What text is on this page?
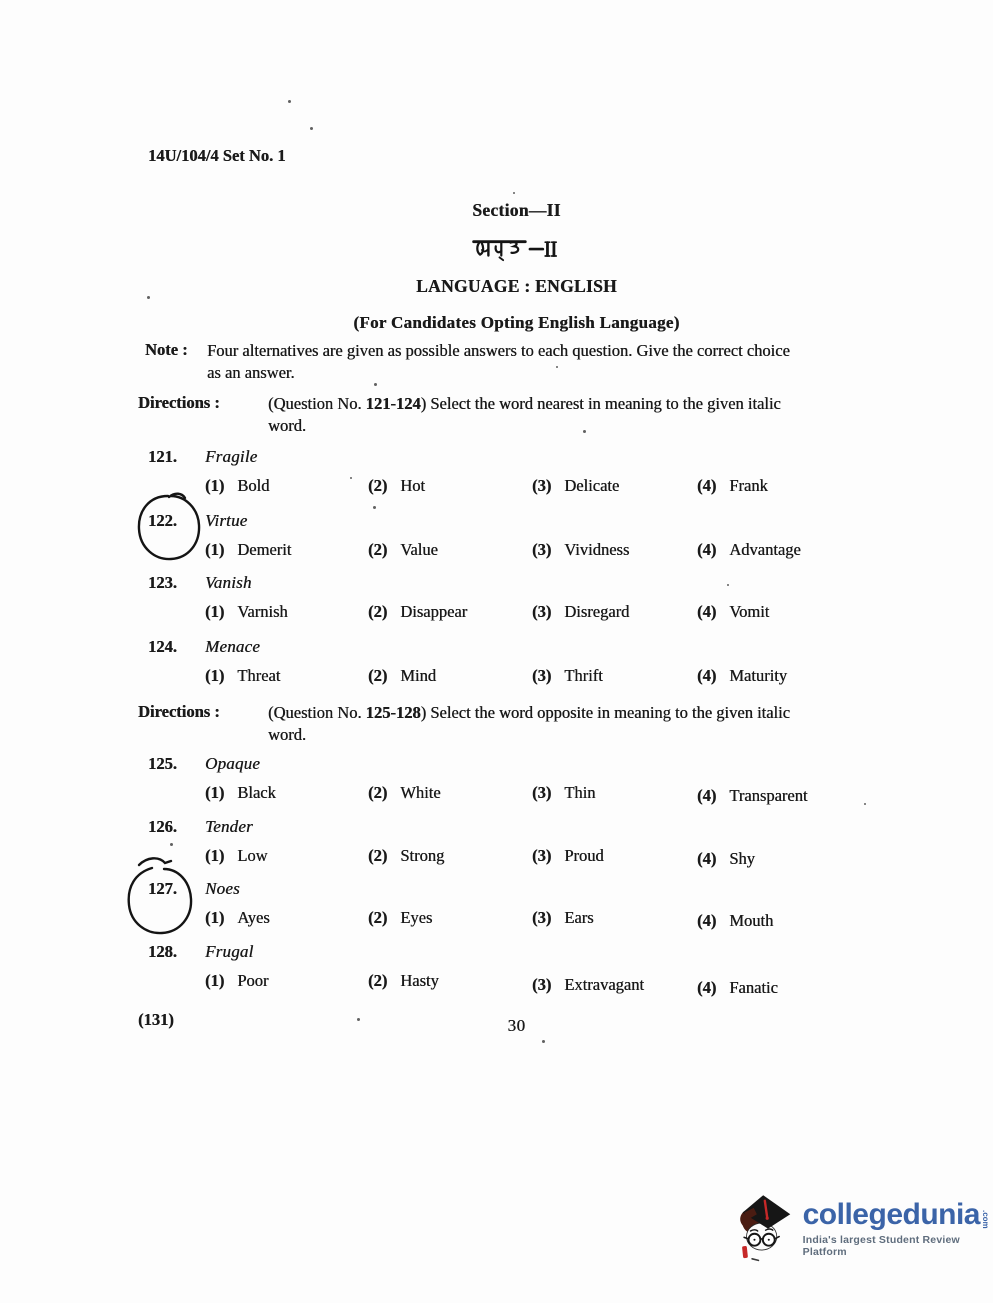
14U/104/4 Set No. 1
Section—II
LANGUAGE : ENGLISH
(For Candidates Opting English Language)
Note : Four alternatives are given as possible answers to each question. Give the correct choice
as an answer.
Directions :	(Question No. 121-124) Select the word nearest in meaning to the given italic
word.
121. Fragile
(1) Bold	(2) Hot	(3) Delicate	(4) Frank
122. Virtue
(1) Demerit	(2) Value	(3) Vividness	(4) Advantage
123. Vanish
(1) Varnish	(2) Disappear	(3) Disregard	(4) Vomit
124. Menace
(1) Threat	(2) Mind	(3) Thrift	(4) Maturity
Directions :	(Question No. 125-128) Select the word opposite in meaning to the given italic
word.
125. Opaque
(1) Black	(2) White	(3) Thin	(4) Transparent
126. Tender
(1) Low	(2) Strong	(3) Proud	(4) Shy
127. Noes
(1) Ayes	(2) Eyes	(3) Ears	(4) Mouth
128. Frugal
(1) Poor	(2) Hasty	(3) Extravagant	(4) Fanatic
(131)	30
collegedunia .com
India's largest Student Review Platform
